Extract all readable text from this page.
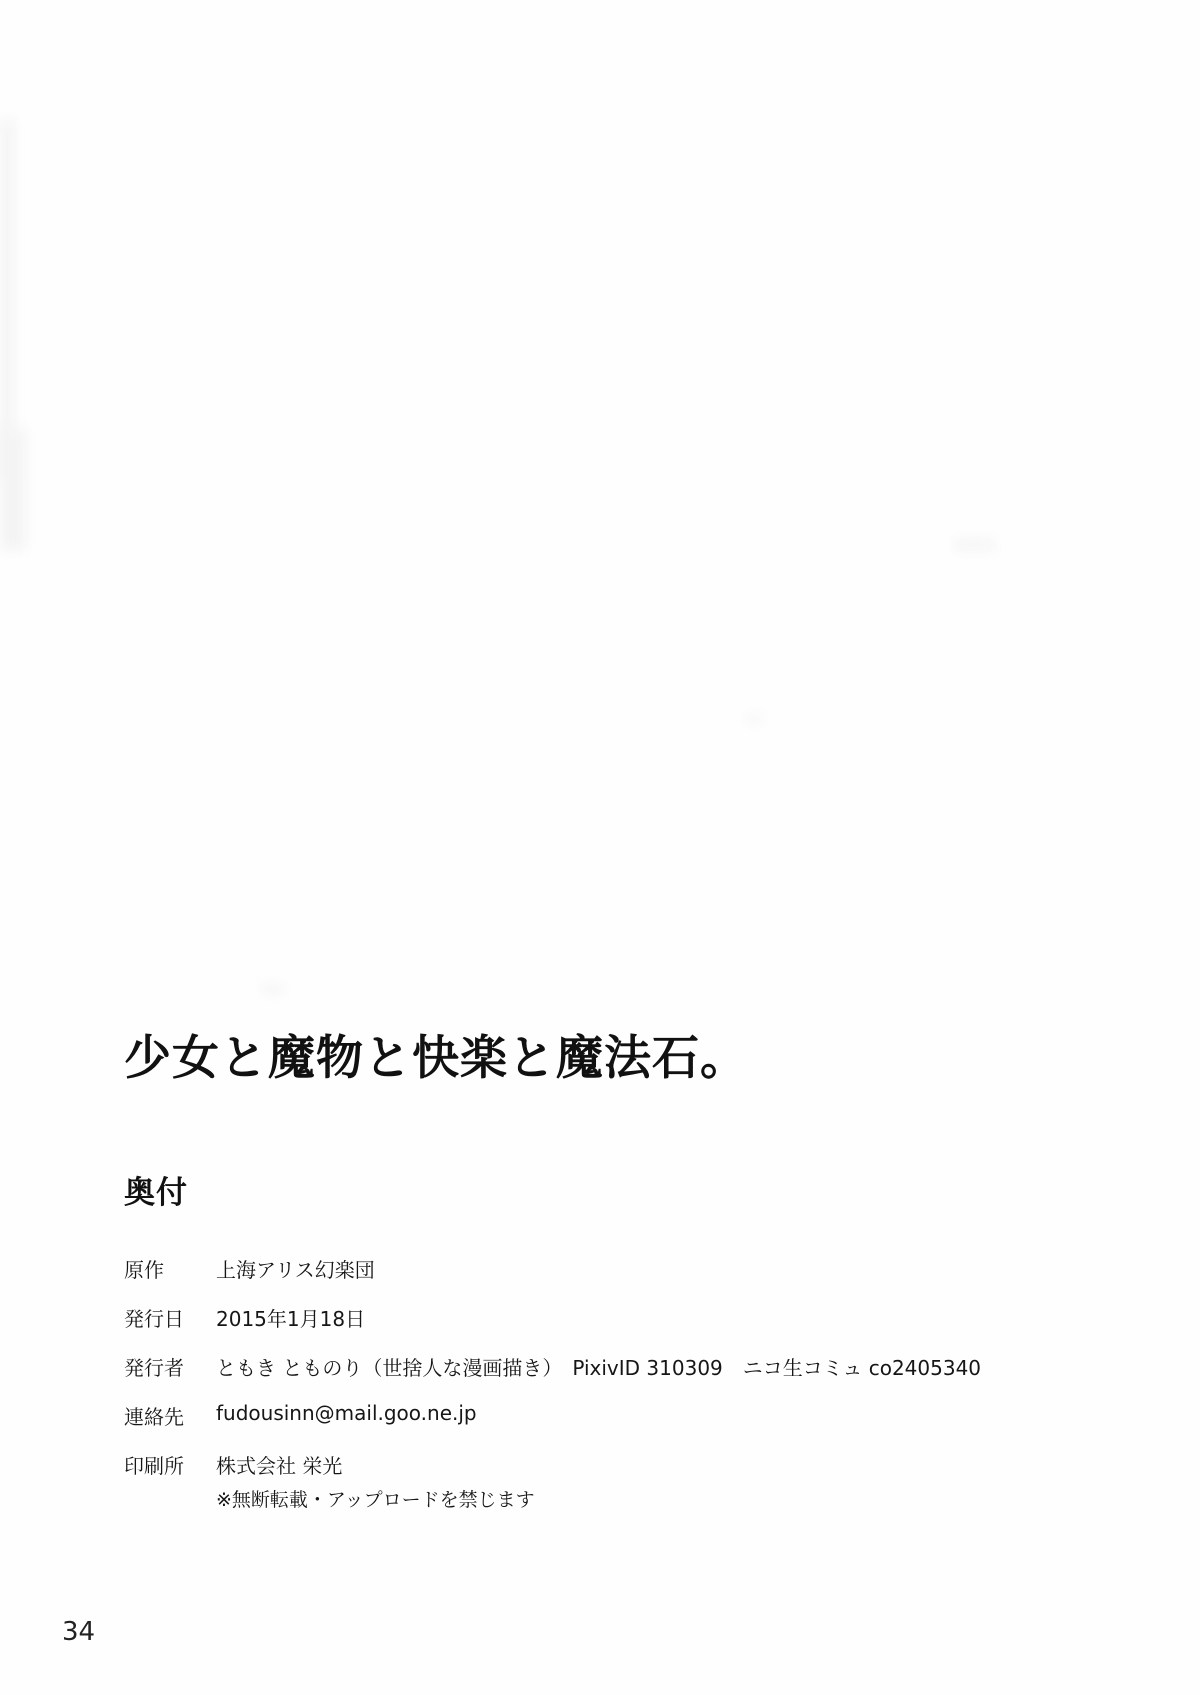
少女と魔物と快楽と魔法石。
奥付
原作	上海アリス幻楽団
発行日	2015年1月18日
発行者	ともき とものり（世捨人な漫画描き）　PixivID 310309　ニコ生コミュ co2405340
連絡先	fudousinn@mail.goo.ne.jp
印刷所	株式会社 栄光
※無断転載・アップロードを禁じます
34
